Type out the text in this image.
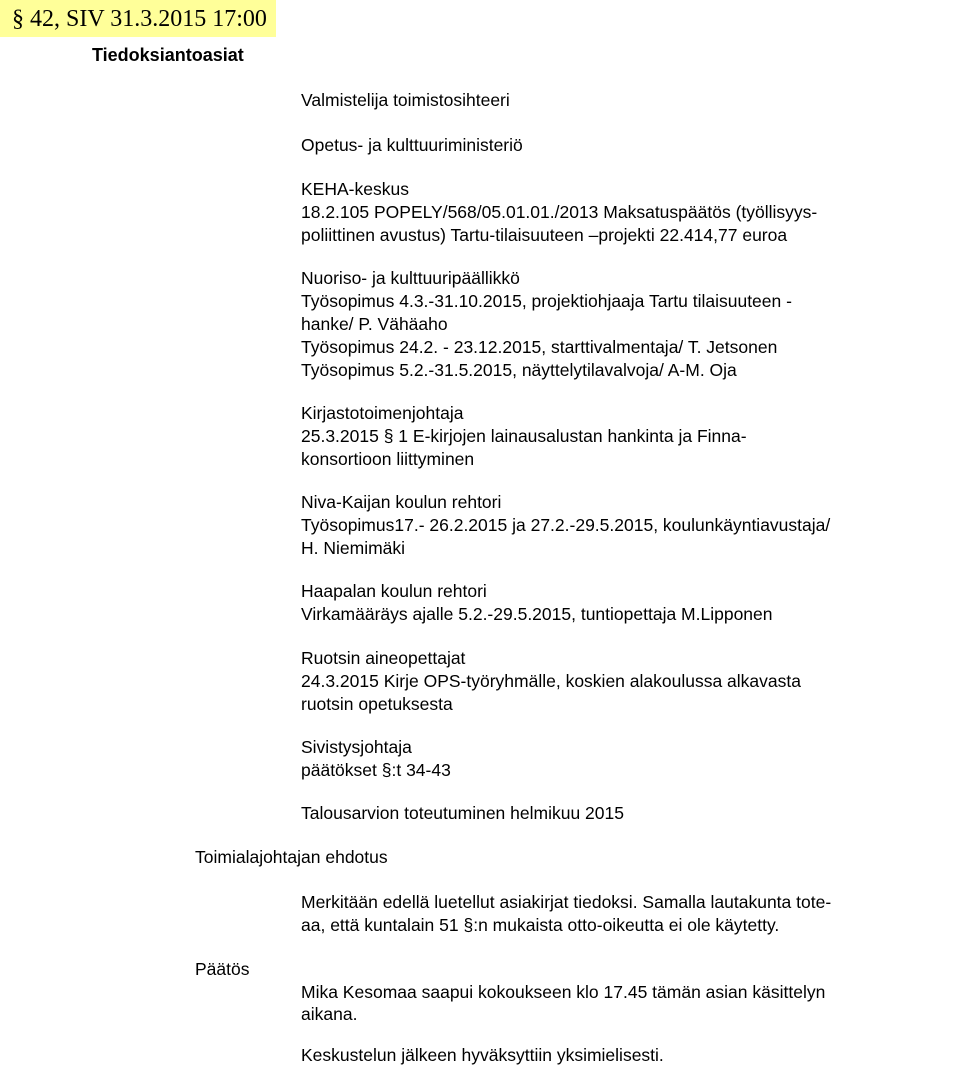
§ 42, SIV 31.3.2015 17:00
Tiedoksiantoasiat
Valmistelija toimistosihteeri
Opetus- ja kulttuuriministeriö
KEHA-keskus
18.2.105 POPELY/568/05.01.01./2013 Maksatuspäätös (työllisyys-
poliittinen avustus) Tartu-tilaisuuteen –projekti 22.414,77 euroa
Nuoriso- ja kulttuuripäällikkö
Työsopimus 4.3.-31.10.2015, projektiohjaaja Tartu tilaisuuteen -
hanke/ P. Vähäaho
Työsopimus 24.2. - 23.12.2015, starttivalmentaja/ T. Jetsonen
Työsopimus 5.2.-31.5.2015, näyttelytilavalvoja/ A-M. Oja
Kirjastotoimenjohtaja
25.3.2015 § 1 E-kirjojen lainausalustan hankinta ja Finna-
konsortioon liittyminen
Niva-Kaijan koulun rehtori
Työsopimus17.- 26.2.2015 ja 27.2.-29.5.2015, koulunkäyntiavustaja/
H. Niemimäki
Haapalan koulun rehtori
Virkamääräys ajalle 5.2.-29.5.2015, tuntiopettaja M.Lipponen
Ruotsin aineopettajat
24.3.2015 Kirje OPS-työryhmälle, koskien alakoulussa alkavasta
ruotsin opetuksesta
Sivistysjohtaja
päätökset §:t 34-43
Talousarvion toteutuminen helmikuu 2015
Merkitään edellä luetellut asiakirjat tiedoksi. Samalla lautakunta tote-
aa, että kuntalain 51 §:n mukaista otto-oikeutta ei ole käytetty.
Mika Kesomaa saapui kokoukseen klo 17.45 tämän asian käsittelyn
aikana.
Keskustelun jälkeen hyväksyttiin yksimielisesti.
Toimialajohtajan ehdotus
Päätös
